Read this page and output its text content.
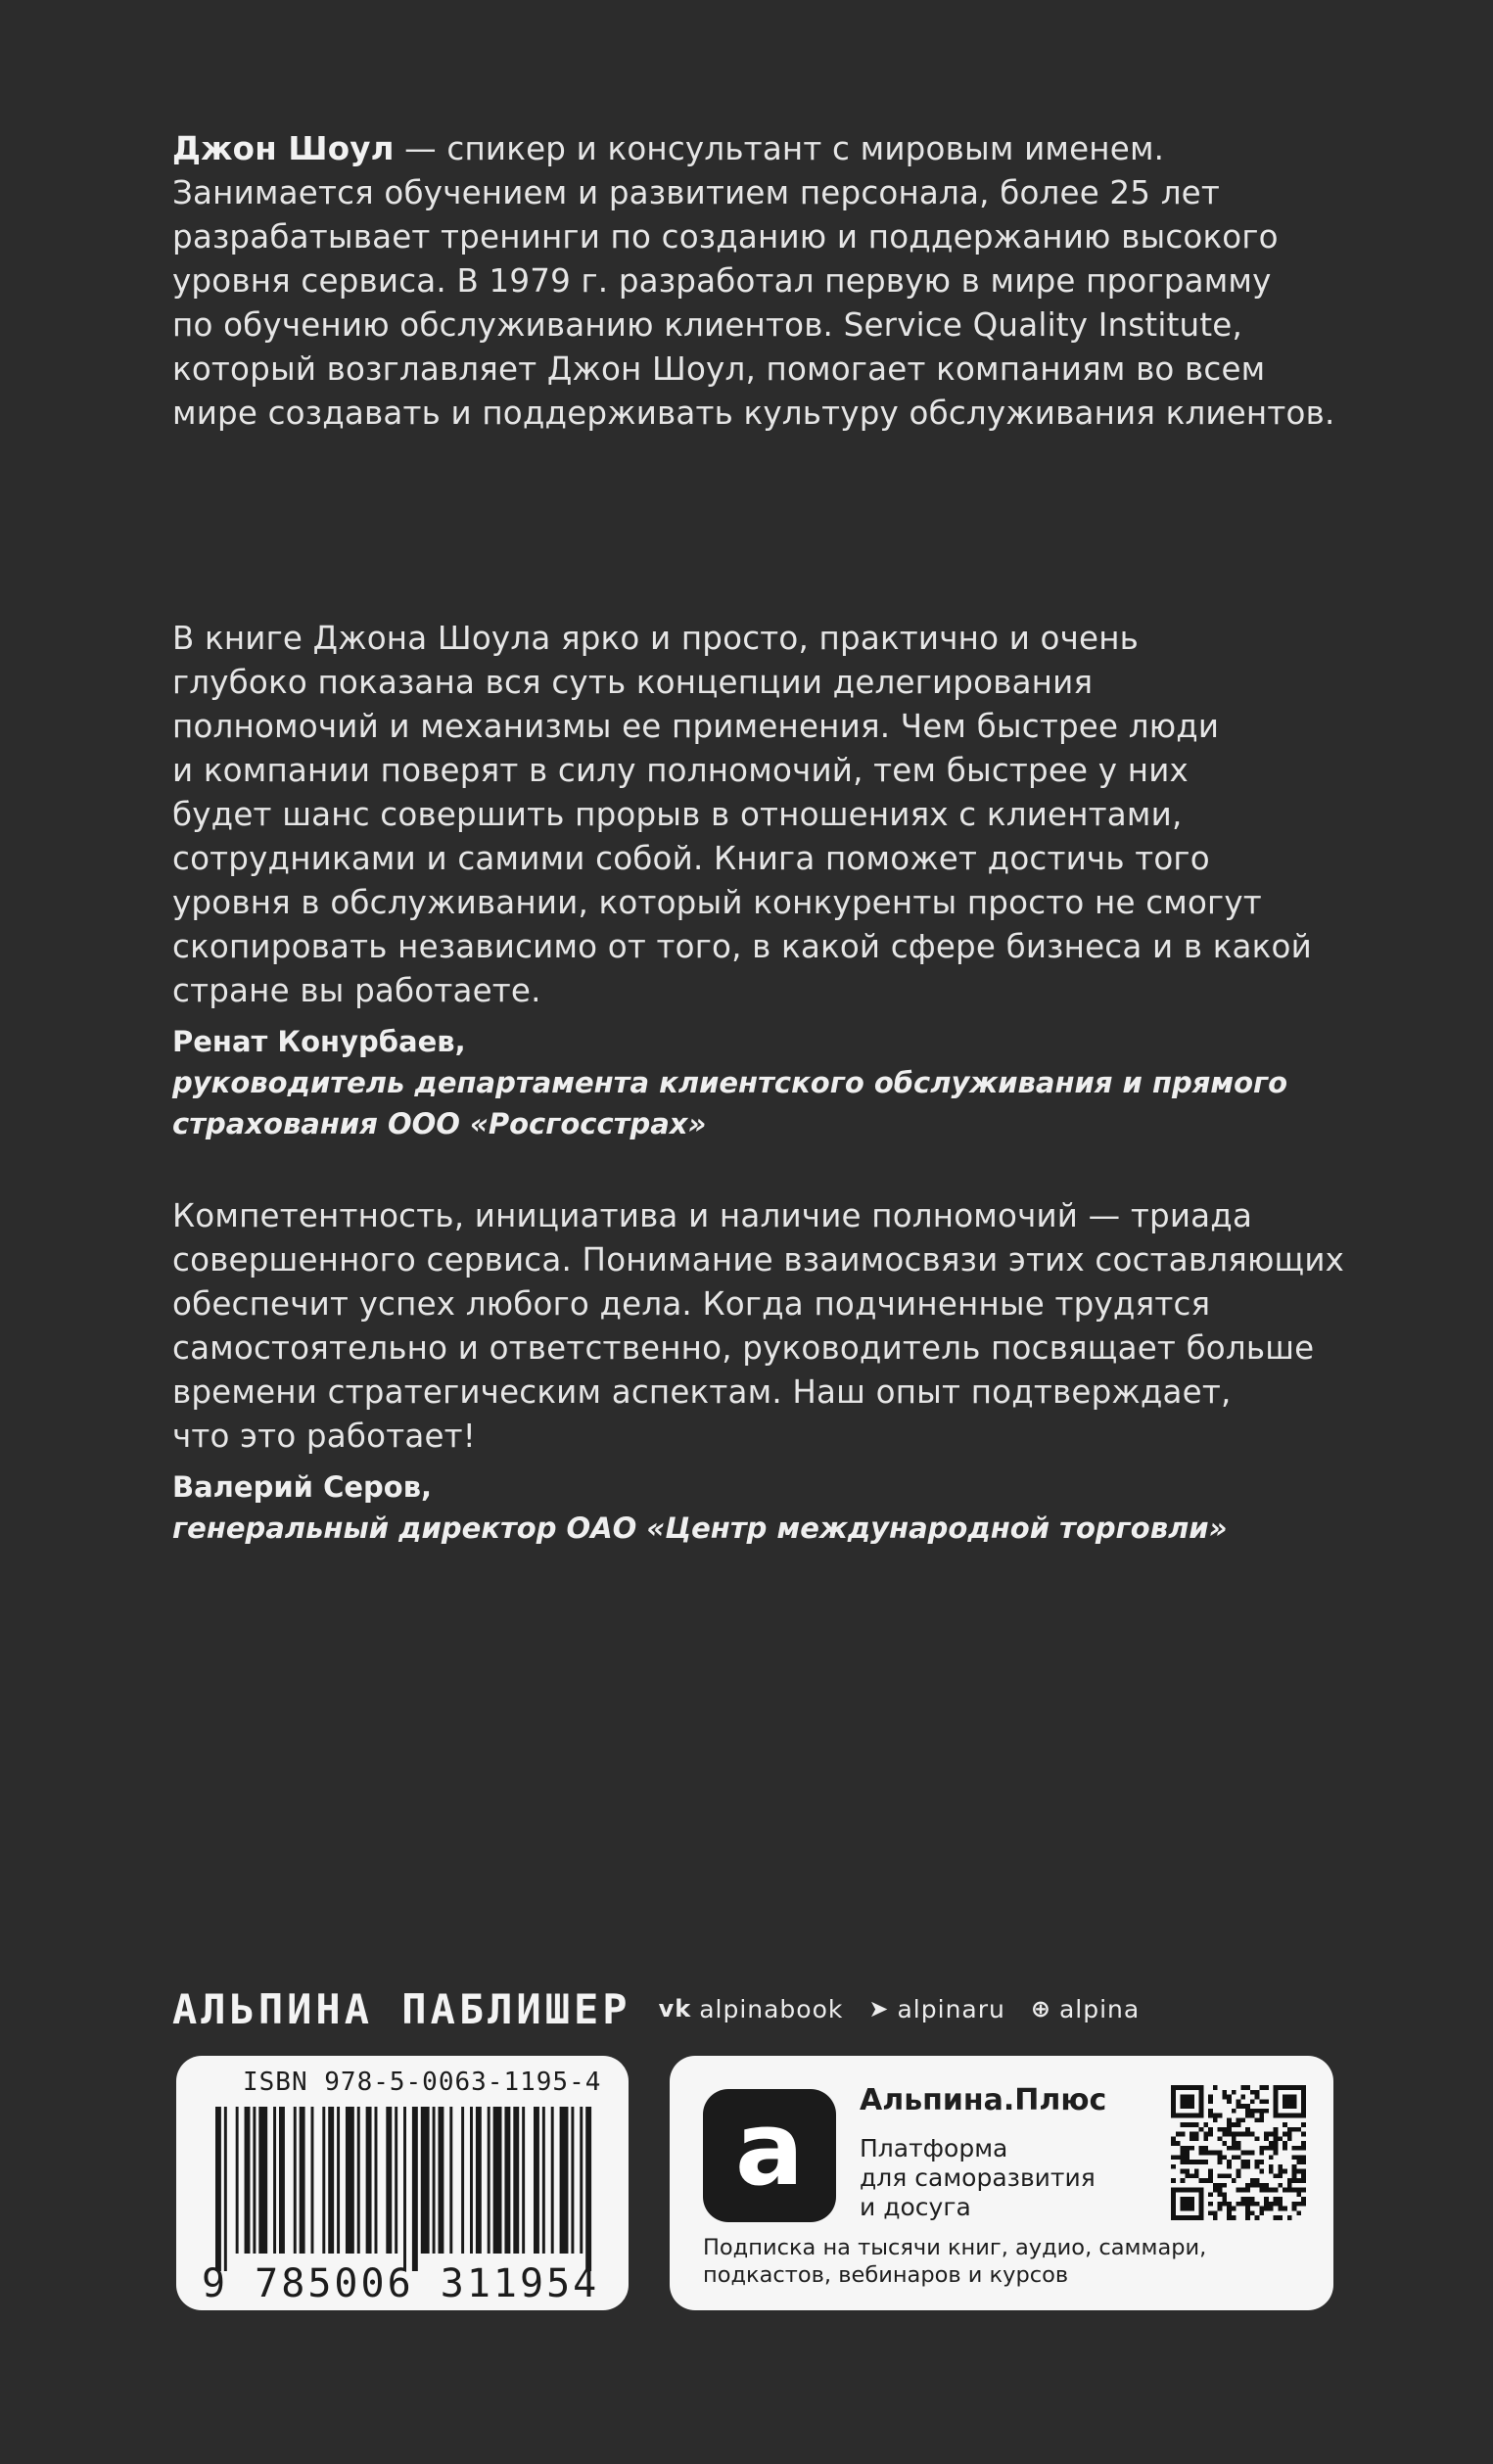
Джон Шоул — спикер и консультант с мировым именем.
Занимается обучением и развитием персонала, более 25 лет
разрабатывает тренинги по созданию и поддержанию высокого
уровня сервиса. В 1979 г. разработал первую в мире программу
по обучению обслуживанию клиентов. Service Quality Institute,
который возглавляет Джон Шоул, помогает компаниям во всем
мире создавать и поддерживать культуру обслуживания клиентов.

В книге Джона Шоула ярко и просто, практично и очень
глубоко показана вся суть концепции делегирования
полномочий и механизмы ее применения. Чем быстрее люди
и компании поверят в силу полномочий, тем быстрее у них
будет шанс совершить прорыв в отношениях с клиентами,
сотрудниками и самими собой. Книга поможет достичь того
уровня в обслуживании, который конкуренты просто не смогут
скопировать независимо от того, в какой сфере бизнеса и в какой
стране вы работаете.

Ренат Конурбаев,
руководитель департамента клиентского обслуживания и прямого
страхования ООО «Росгосстрах»

Компетентность, инициатива и наличие полномочий — триада
совершенного сервиса. Понимание взаимосвязи этих составляющих
обеспечит успех любого дела. Когда подчиненные трудятся
самостоятельно и ответственно, руководитель посвящает больше
времени стратегическим аспектам. Наш опыт подтверждает,
что это работает!

Валерий Серов,
генеральный директор ОАО «Центр международной торговли»
АЛЬПИНА ПАБЛИШЕР vk alpinabook ➤ alpinaru ⊕ alpina
ISBN 978-5-0063-1195-4
9 785006 311954
a Альпина.Плюс
Платформа
для саморазвития
и досуга
Подписка на тысячи книг, аудио, саммари,
подкастов, вебинаров и курсов
